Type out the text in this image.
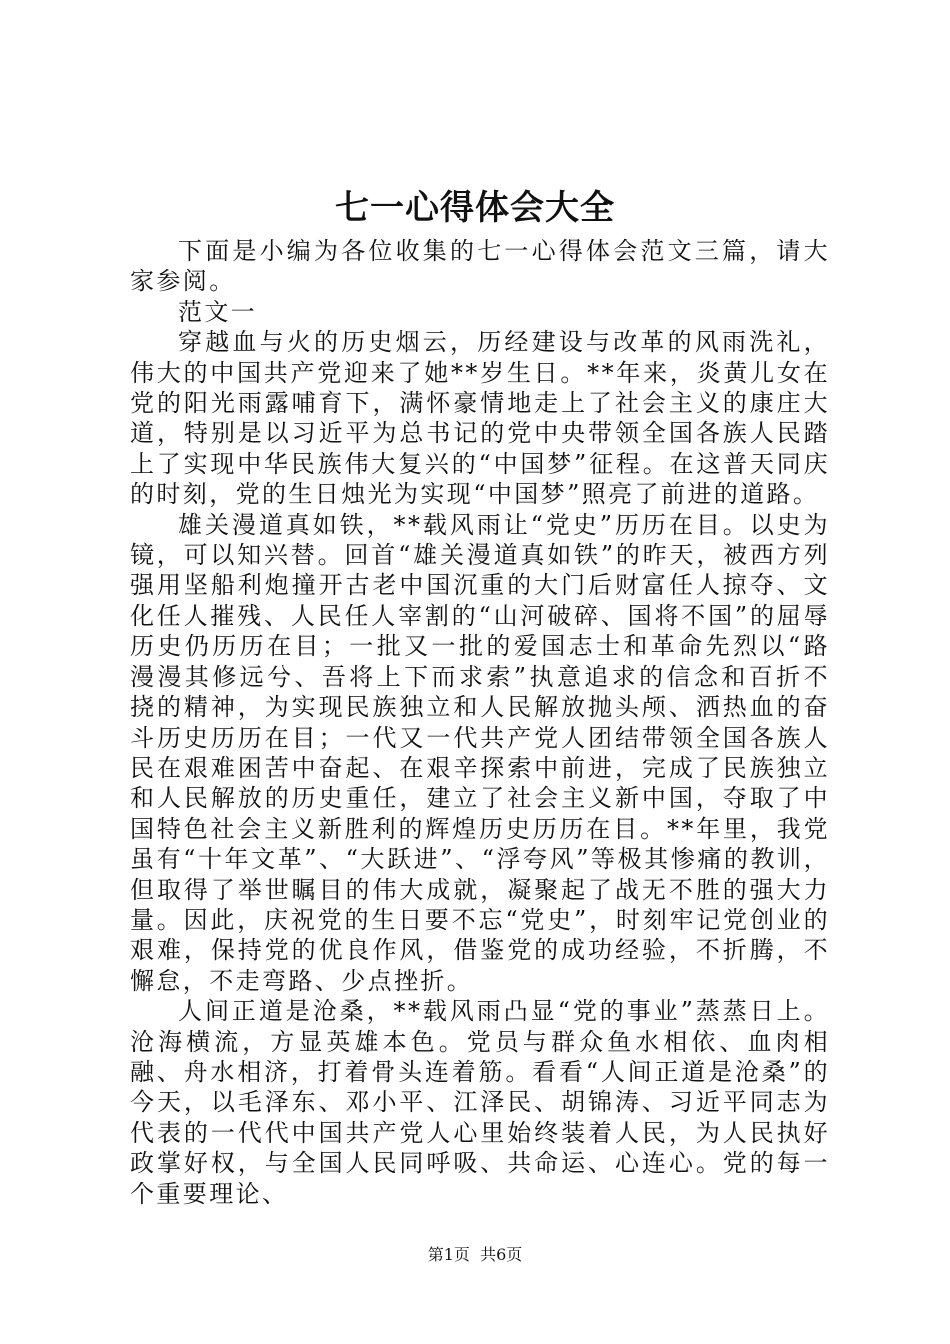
七一心得体会大全

下面是小编为各位收集的七一心得体会范文三篇，请大家参阅。

范文一

穿越血与火的历史烟云，历经建设与改革的风雨洗礼，伟大的中国共产党迎来了她**岁生日。**年来，炎黄儿女在党的阳光雨露哺育下，满怀豪情地走上了社会主义的康庄大道，特别是以习近平为总书记的党中央带领全国各族人民踏上了实现中华民族伟大复兴的“中国梦”征程。在这普天同庆的时刻，党的生日烛光为实现“中国梦”照亮了前进的道路。

雄关漫道真如铁，**载风雨让“党史”历历在目。以史为镜，可以知兴替。回首“雄关漫道真如铁”的昨天，被西方列强用坚船利炮撞开古老中国沉重的大门后财富任人掠夺、文化任人摧残、人民任人宰割的“山河破碎、国将不国”的屈辱历史仍历历在目；一批又一批的爱国志士和革命先烈以“路漫漫其修远兮、吾将上下而求索”执意追求的信念和百折不挠的精神，为实现民族独立和人民解放抛头颅、洒热血的奋斗历史历历在目；一代又一代共产党人团结带领全国各族人民在艰难困苦中奋起、在艰辛探索中前进，完成了民族独立和人民解放的历史重任，建立了社会主义新中国，夺取了中国特色社会主义新胜利的辉煌历史历历在目。**年里，我党虽有“十年文革”、“大跃进”、“浮夸风”等极其惨痛的教训，但取得了举世瞩目的伟大成就，凝聚起了战无不胜的强大力量。因此，庆祝党的生日要不忘“党史”，时刻牢记党创业的艰难，保持党的优良作风，借鉴党的成功经验，不折腾，不懈怠，不走弯路、少点挫折。

人间正道是沧桑，**载风雨凸显“党的事业”蒸蒸日上。沧海横流，方显英雄本色。党员与群众鱼水相依、血肉相融、舟水相济，打着骨头连着筋。看看“人间正道是沧桑”的今天，以毛泽东、邓小平、江泽民、胡锦涛、习近平同志为代表的一代代中国共产党人心里始终装着人民，为人民执好政掌好权，与全国人民同呼吸、共命运、心连心。党的每一个重要理论、

第1页 共6页
